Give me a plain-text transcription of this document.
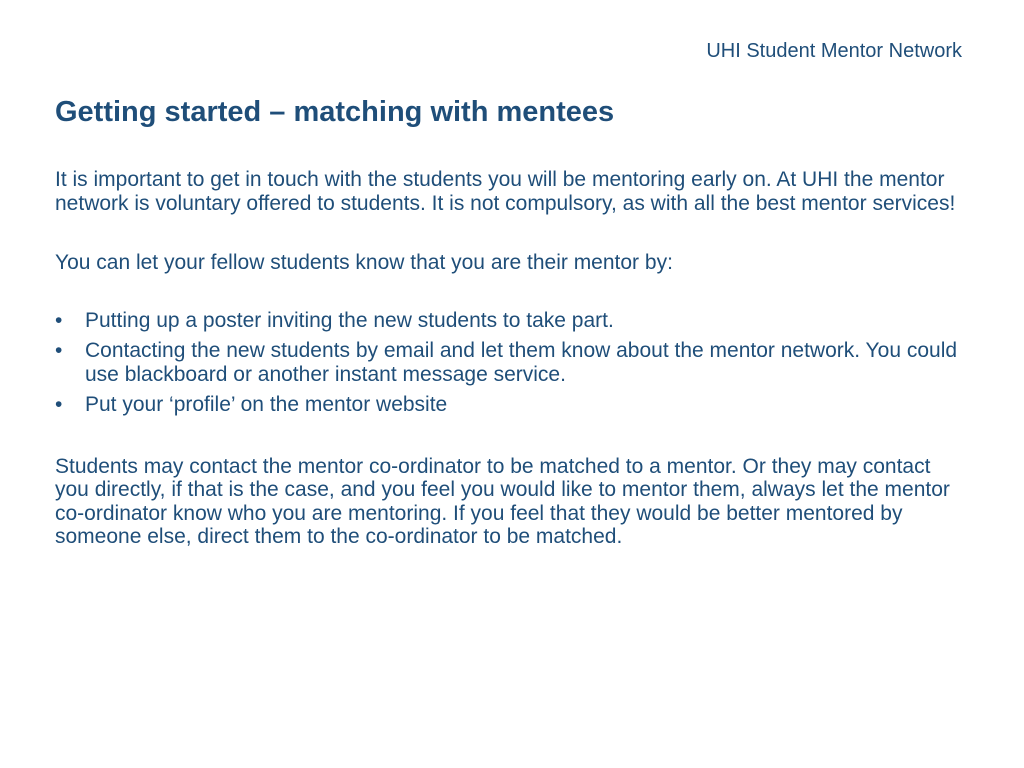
UHI Student Mentor Network
Getting started – matching with mentees

It is important to get in touch with the students you will be mentoring early on. At UHI the mentor network is voluntary offered to students. It is not compulsory, as with all the best mentor services!

You can let your fellow students know that you are their mentor by:

• Putting up a poster inviting the new students to take part.
• Contacting the new students by email and let them know about the mentor network. You could use blackboard or another instant message service.
• Put your ‘profile’ on the mentor website

Students may contact the mentor co-ordinator to be matched to a mentor. Or they may contact you directly, if that is the case, and you feel you would like to mentor them, always let the mentor co-ordinator know who you are mentoring. If you feel that they would be better mentored by someone else, direct them to the co-ordinator to be matched.
